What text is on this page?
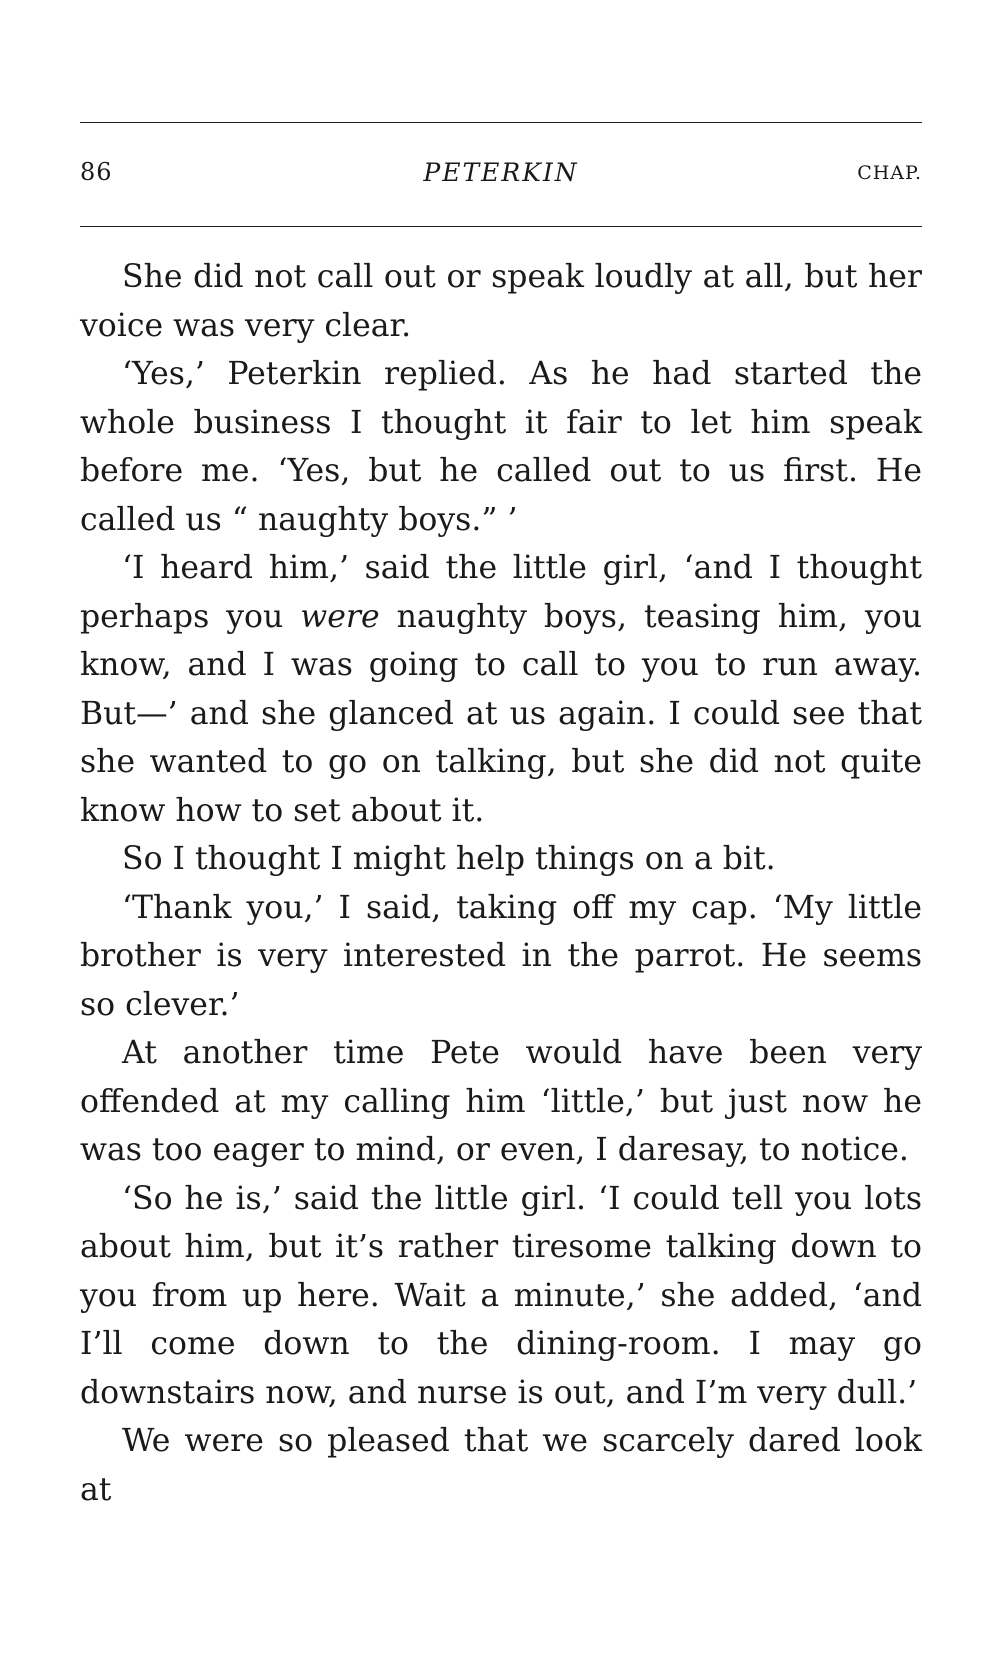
86	PETERKIN	CHAP.

She did not call out or speak loudly at all, but her voice was very clear.

‘Yes,’ Peterkin replied. As he had started the whole business I thought it fair to let him speak before me. ‘Yes, but he called out to us first. He called us “ naughty boys.” ’

‘I heard him,’ said the little girl, ‘and I thought perhaps you were naughty boys, teasing him, you know, and I was going to call to you to run away. But—’ and she glanced at us again. I could see that she wanted to go on talking, but she did not quite know how to set about it.

So I thought I might help things on a bit.

‘Thank you,’ I said, taking off my cap. ‘My little brother is very interested in the parrot. He seems so clever.’

At another time Pete would have been very offended at my calling him ‘little,’ but just now he was too eager to mind, or even, I daresay, to notice.

‘So he is,’ said the little girl. ‘I could tell you lots about him, but it’s rather tiresome talking down to you from up here. Wait a minute,’ she added, ‘and I’ll come down to the dining-room. I may go downstairs now, and nurse is out, and I’m very dull.’

We were so pleased that we scarcely dared look at
